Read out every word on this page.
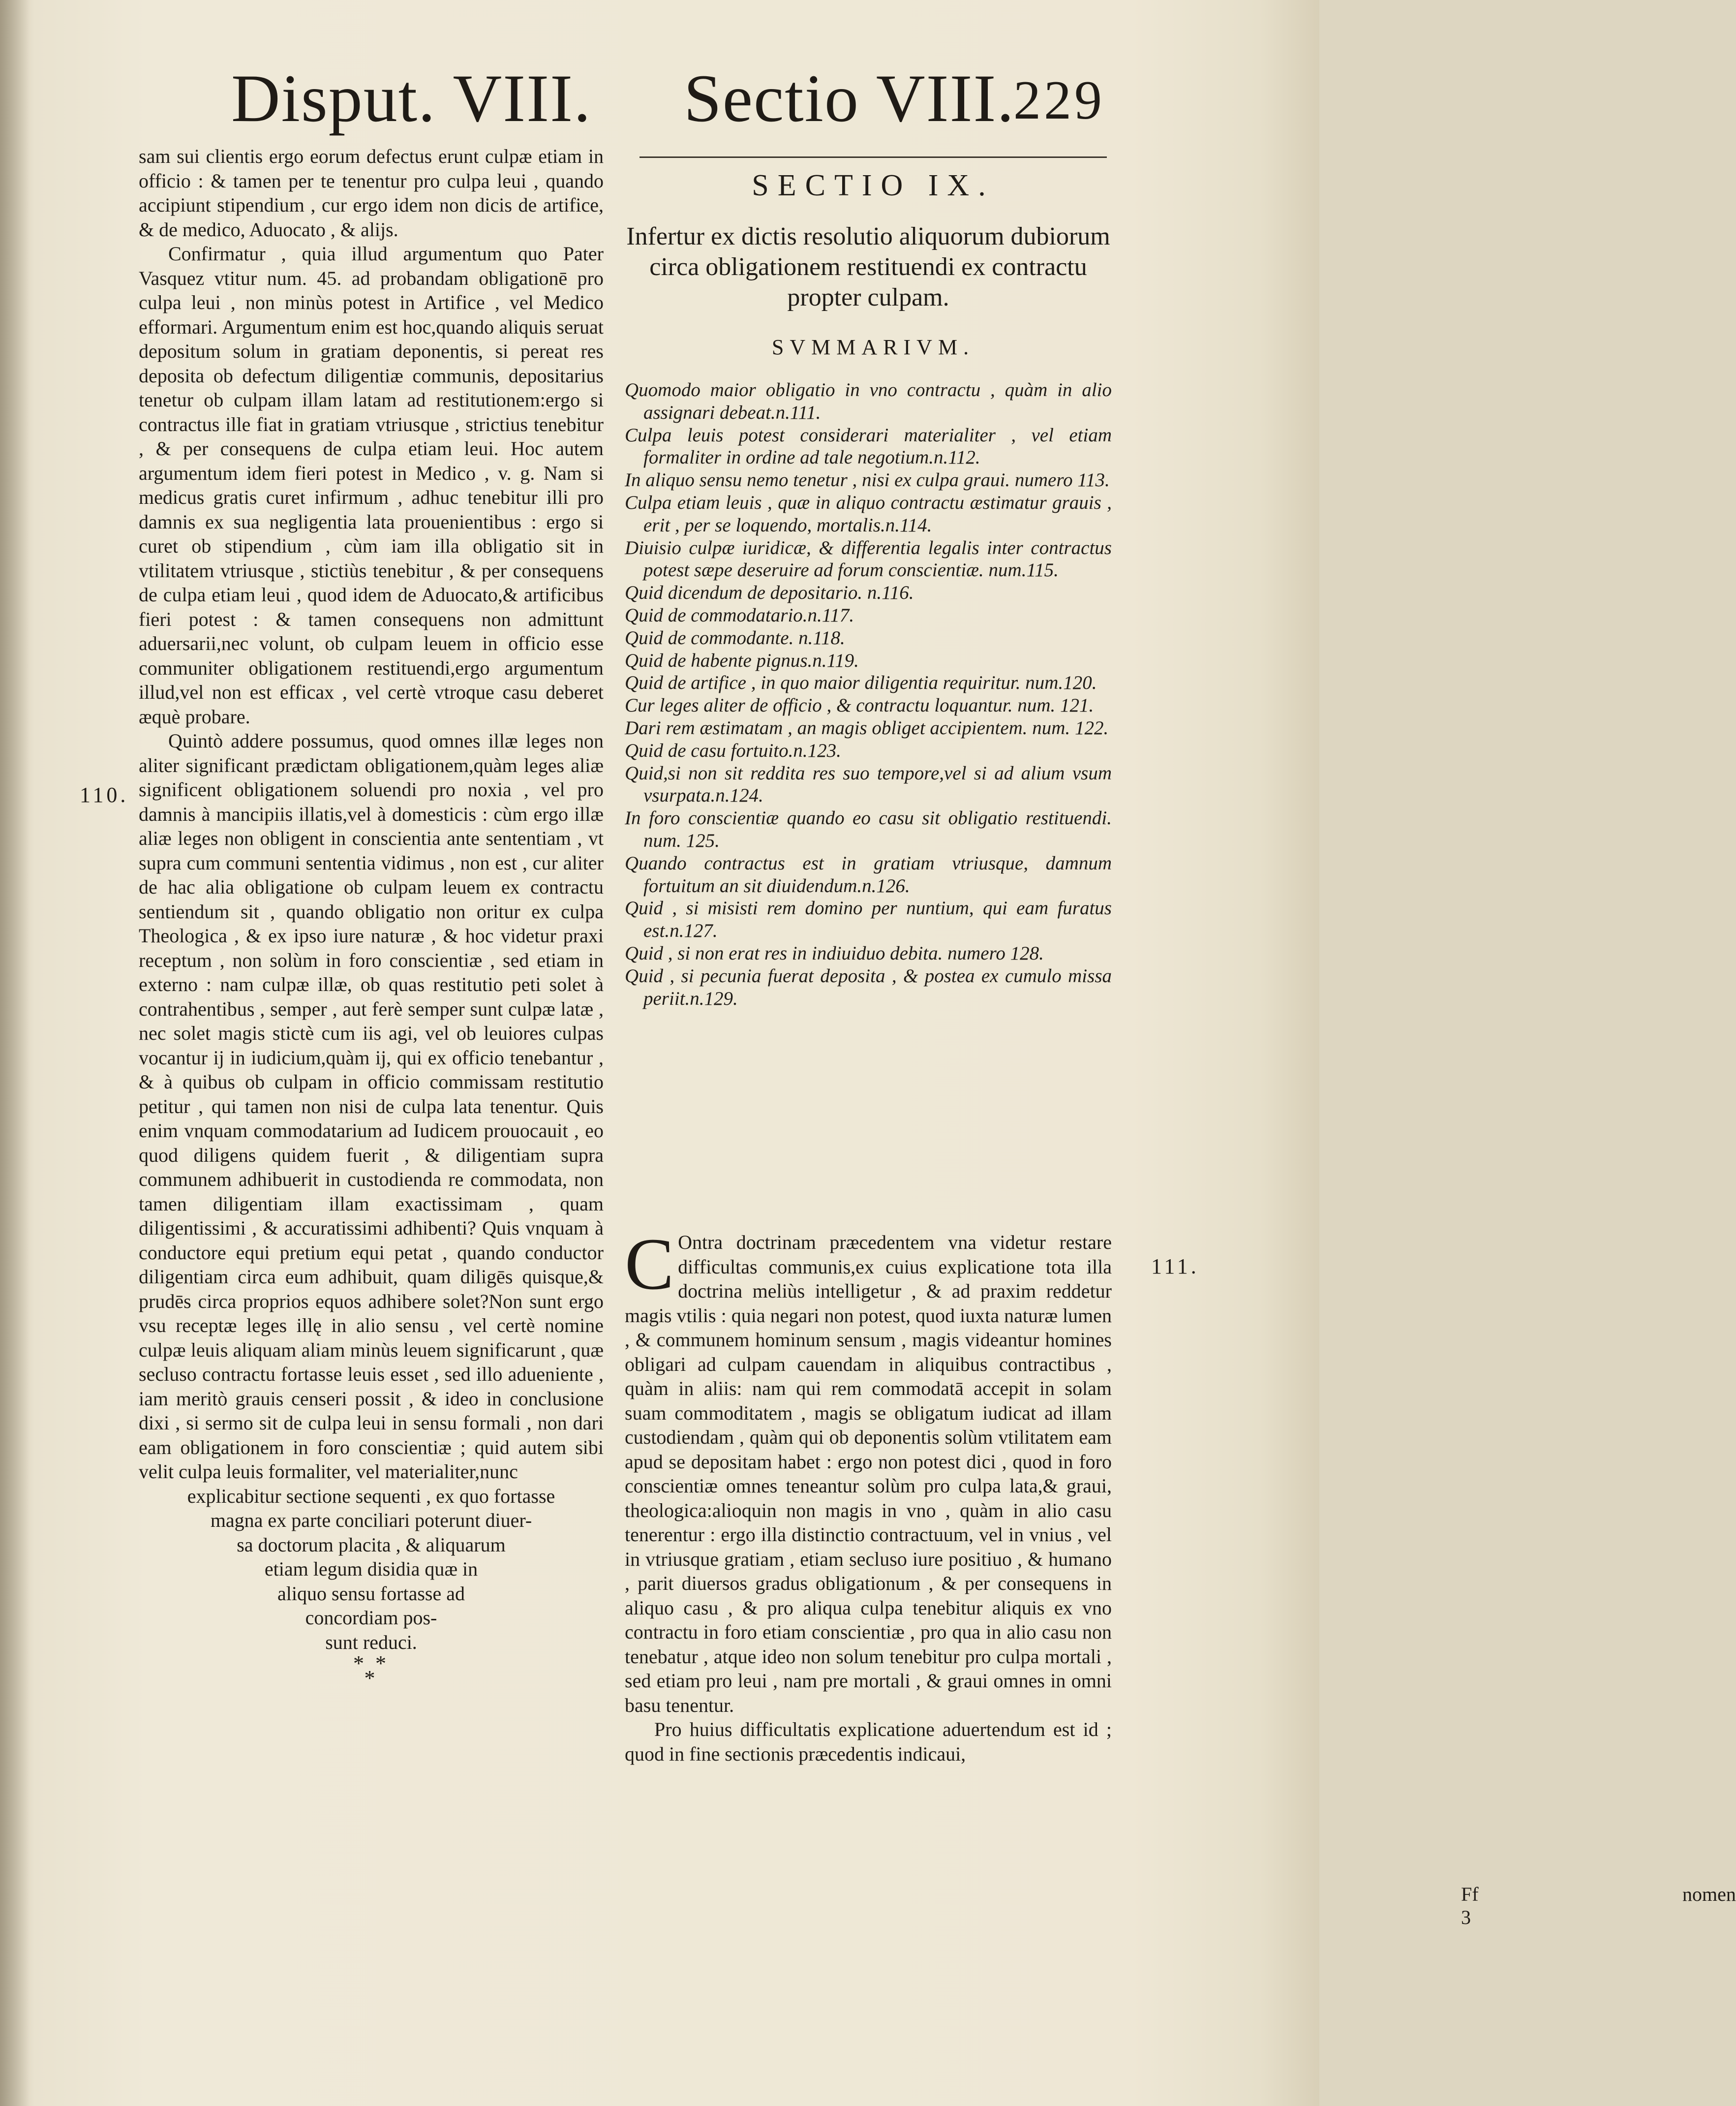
Disput. VIII. Sectio VIII.
229
110.
111.

sam sui clientis ergo eorum defectus erunt culpæ etiam in officio : & tamen per te tenentur pro culpa leui , quando accipiunt stipendium , cur ergo idem non dicis de artifice, & de medico, Aduocato , & alijs.

Confirmatur , quia illud argumentum quo Pater Vasquez vtitur num. 45. ad probandam obligationē pro culpa leui , non minùs potest in Artifice , vel Medico efformari. Argumentum enim est hoc,quando aliquis seruat depositum solum in gratiam deponentis, si pereat res deposita ob defectum diligentiæ communis, depositarius tenetur ob culpam illam latam ad restitutionem:ergo si contractus ille fiat in gratiam vtriusque , strictius tenebitur , & per consequens de culpa etiam leui. Hoc autem argumentum idem fieri potest in Medico , v. g. Nam si medicus gratis curet infirmum , adhuc tenebitur illi pro damnis ex sua negligentia lata prouenientibus : ergo si curet ob stipendium , cùm iam illa obligatio sit in vtilitatem vtriusque , stictiùs tenebitur , & per consequens de culpa etiam leui , quod idem de Aduocato,& artificibus fieri potest : & tamen consequens non admittunt aduersarii,nec volunt, ob culpam leuem in officio esse communiter obligationem restituendi,ergo argumentum illud,vel non est efficax , vel certè vtroque casu deberet æquè probare.

Quintò addere possumus, quod omnes illæ leges non aliter significant prædictam obligationem,quàm leges aliæ significent obligationem soluendi pro noxia , vel pro damnis à mancipiis illatis,vel à domesticis : cùm ergo illæ aliæ leges non obligent in conscientia ante sententiam , vt supra cum communi sententia vidimus , non est , cur aliter de hac alia obligatione ob culpam leuem ex contractu sentiendum sit , quando obligatio non oritur ex culpa Theologica , & ex ipso iure naturæ , & hoc videtur praxi receptum , non solùm in foro conscientiæ , sed etiam in externo : nam culpæ illæ, ob quas restitutio peti solet à contrahentibus , semper , aut ferè semper sunt culpæ latæ , nec solet magis stictè cum iis agi, vel ob leuiores culpas vocantur ij in iudicium,quàm ij, qui ex officio tenebantur , & à quibus ob culpam in officio commissam restitutio petitur , qui tamen non nisi de culpa lata tenentur. Quis enim vnquam commodatarium ad Iudicem prouocauit , eo quod diligens quidem fuerit , & diligentiam supra communem adhibuerit in custodienda re commodata, non tamen diligentiam illam exactissimam , quam diligentissimi , & accuratissimi adhibenti? Quis vnquam à conductore equi pretium equi petat , quando conductor diligentiam circa eum adhibuit, quam diligēs quisque,& prudēs circa proprios equos adhibere solet?Non sunt ergo vsu receptæ leges illę in alio sensu , vel certè nomine culpæ leuis aliquam aliam minùs leuem significarunt , quæ secluso contractu fortasse leuis esset , sed illo adueniente , iam meritò grauis censeri possit , & ideo in conclusione dixi , si sermo sit de culpa leui in sensu formali , non dari eam obligationem in foro conscientiæ ; quid autem sibi velit culpa leuis formaliter, vel materialiter,nunc

explicabitur sectione sequenti , ex quo fortasse
magna ex parte conciliari poterunt diuer-
sa doctorum placita , & aliquarum
etiam legum disidia quæ in
aliquo sensu fortasse ad
concordiam pos-
sunt reduci.
* *
*
SECTIO IX.
Infertur ex dictis resolutio aliquorum dubiorum circa obligationem restituendi ex contractu propter culpam.
SVMMARIVM.
Quomodo maior obligatio in vno contractu , quàm in alio assignari debeat.n.111.
Culpa leuis potest considerari materialiter , vel etiam formaliter in ordine ad tale negotium.n.112.
In aliquo sensu nemo tenetur , nisi ex culpa graui. numero 113.
Culpa etiam leuis , quæ in aliquo contractu æstimatur grauis , erit , per se loquendo, mortalis.n.114.
Diuisio culpæ iuridicæ, & differentia legalis inter contractus potest sæpe deseruire ad forum conscientiæ. num.115.
Quid dicendum de depositario. n.116.
Quid de commodatario.n.117.
Quid de commodante. n.118.
Quid de habente pignus.n.119.
Quid de artifice , in quo maior diligentia requiritur. num.120.
Cur leges aliter de officio , & contractu loquantur. num. 121.
Dari rem æstimatam , an magis obliget accipientem. num. 122.
Quid de casu fortuito.n.123.
Quid,si non sit reddita res suo tempore,vel si ad alium vsum vsurpata.n.124.
In foro conscientiæ quando eo casu sit obligatio restituendi. num. 125.
Quando contractus est in gratiam vtriusque, damnum fortuitum an sit diuidendum.n.126.
Quid , si misisti rem domino per nuntium, qui eam furatus est.n.127.
Quid , si non erat res in indiuiduo debita. numero 128.
Quid , si pecunia fuerat deposita , & postea ex cumulo missa periit.n.129.

C Ontra doctrinam præcedentem vna videtur restare difficultas communis,ex cuius explicatione tota illa doctrina meliùs intelligetur , & ad praxim reddetur magis vtilis : quia negari non potest, quod iuxta naturæ lumen , & communem hominum sensum , magis videantur homines obligari ad culpam cauendam in aliquibus contractibus , quàm in aliis: nam qui rem commodatā accepit in solam suam commoditatem , magis se obligatum iudicat ad illam custodiendam , quàm qui ob deponentis solùm vtilitatem eam apud se depositam habet : ergo non potest dici , quod in foro conscientiæ omnes teneantur solùm pro culpa lata,& graui, theologica:alioquin non magis in vno , quàm in alio casu tenerentur : ergo illa distinctio contractuum, vel in vnius , vel in vtriusque gratiam , etiam secluso iure positiuo , & humano , parit diuersos gradus obligationum , & per consequens in aliquo casu , & pro aliqua culpa tenebitur aliquis ex vno contractu in foro etiam conscientiæ , pro qua in alio casu non tenebatur , atque ideo non solum tenebitur pro culpa mortali , sed etiam pro leui , nam pre mortali , & graui omnes in omni basu tenentur.

Pro huius difficultatis explicatione aduertendum est id ; quod in fine sectionis præcedentis indicaui,

Ff 3
nomen
